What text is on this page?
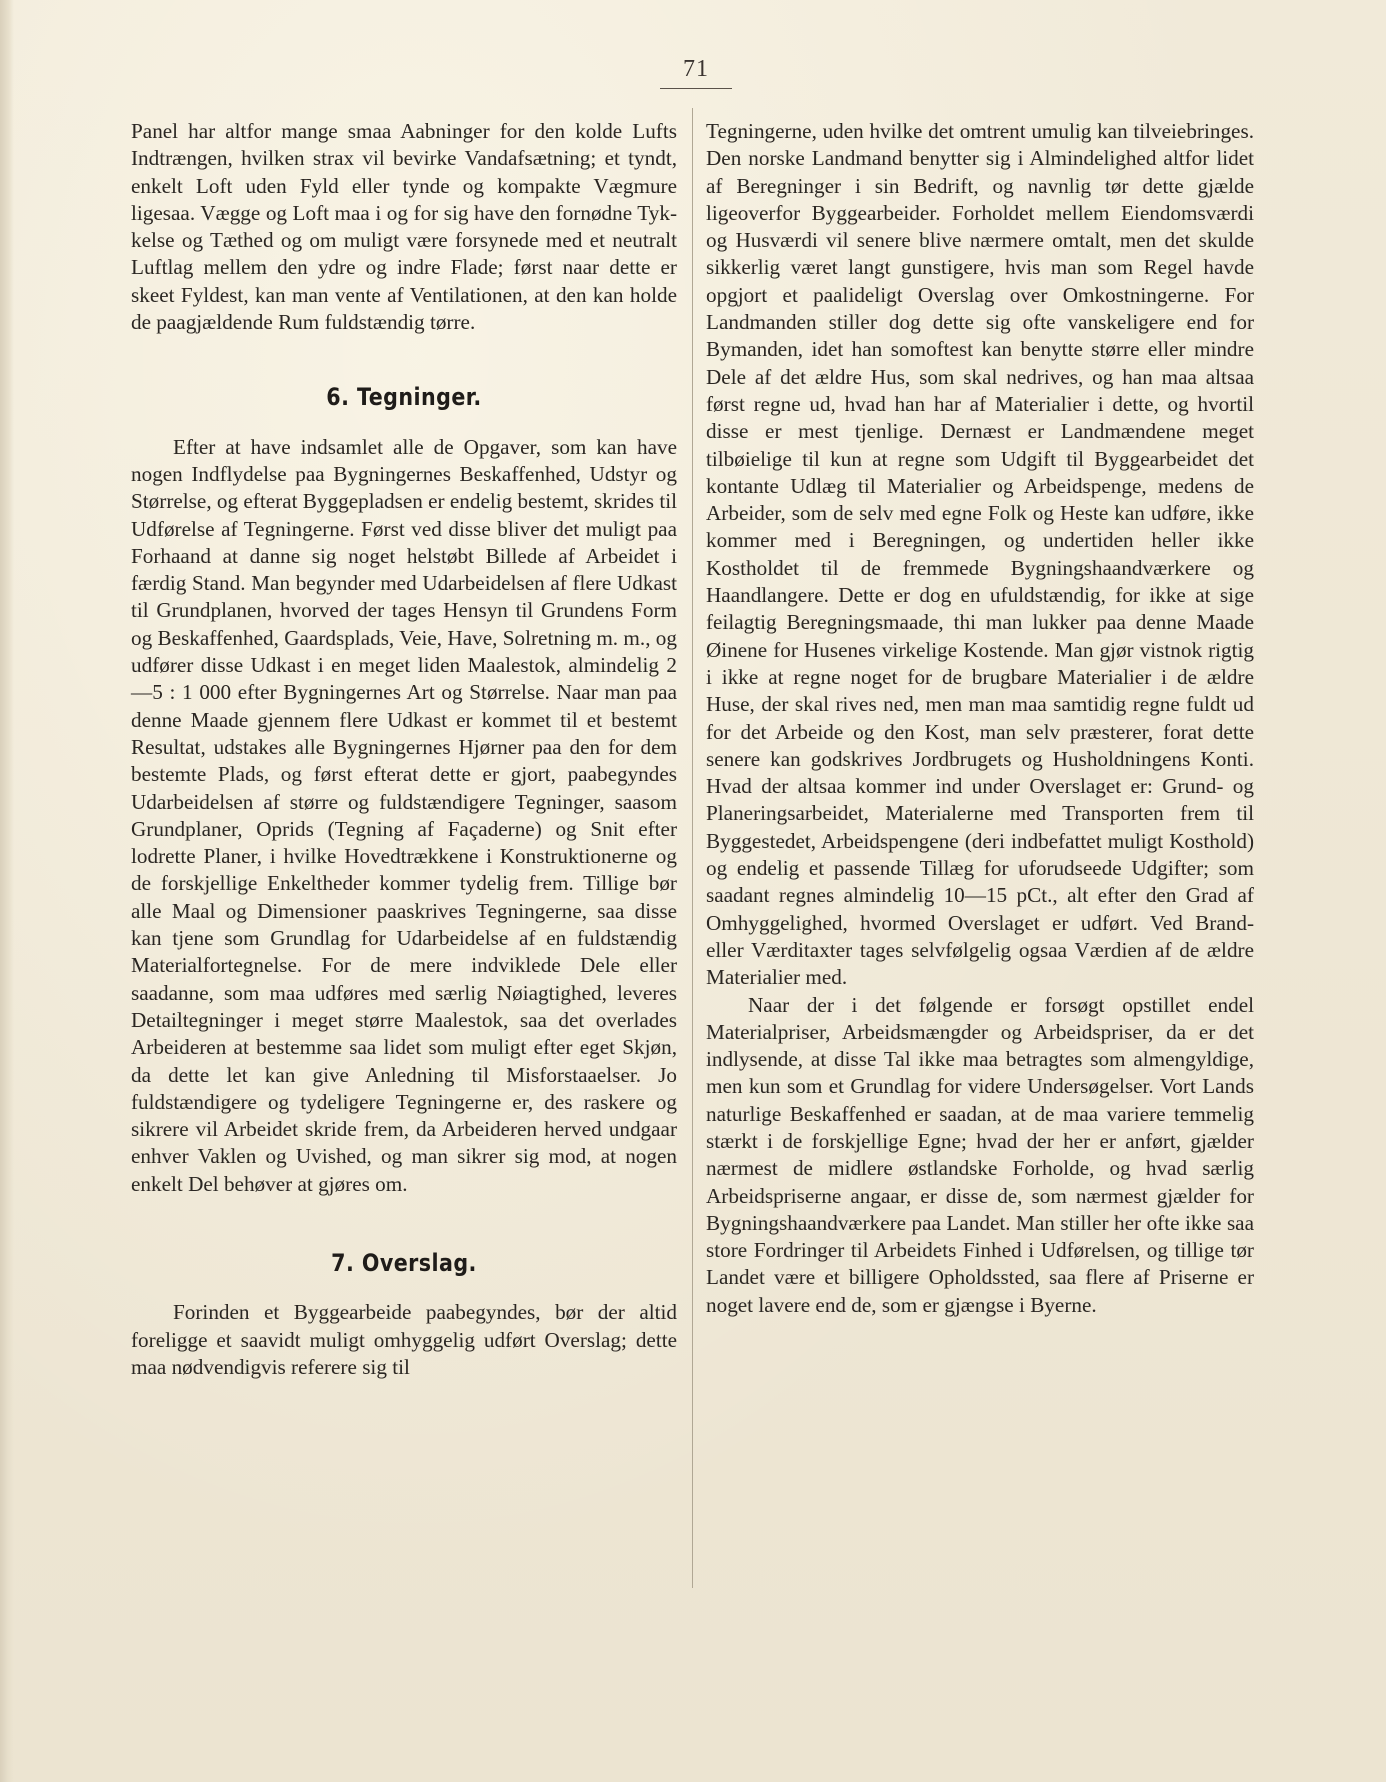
71

Panel har altfor mange smaa Aabninger for den kolde Lufts Indtrængen, hvilken strax vil bevirke Vandafsætning; et tyndt, enkelt Loft uden Fyld eller tynde og kompakte Vægmure ligesaa. Vægge og Loft maa i og for sig have den fornødne Tykkelse og Tæthed og om muligt være forsynede med et neutralt Luftlag mellem den ydre og indre Flade; først naar dette er skeet Fyldest, kan man vente af Ventilationen, at den kan holde de paagjældende Rum fuldstændig tørre.

6. Tegninger.

Efter at have indsamlet alle de Opgaver, som kan have nogen Indflydelse paa Bygningernes Beskaffenhed, Udstyr og Størrelse, og efterat Byggepladsen er endelig bestemt, skrides til Udførelse af Tegningerne. Først ved disse bliver det muligt paa Forhaand at danne sig noget helstøbt Billede af Arbeidet i færdig Stand. Man begynder med Udarbeidelsen af flere Udkast til Grundplanen, hvorved der tages Hensyn til Grundens Form og Beskaffenhed, Gaardsplads, Veie, Have, Solretning m. m., og udfører disse Udkast i en meget liden Maalestok, almindelig 2—5 : 1 000 efter Bygningernes Art og Størrelse. Naar man paa denne Maade gjennem flere Udkast er kommet til et bestemt Resultat, udstakes alle Bygningernes Hjørner paa den for dem bestemte Plads, og først efterat dette er gjort, paabegyndes Udarbeidelsen af større og fuldstændigere Tegninger, saasom Grundplaner, Oprids (Tegning af Façaderne) og Snit efter lodrette Planer, i hvilke Hovedtrækkene i Konstruktionerne og de forskjellige Enkeltheder kommer tydelig frem. Tillige bør alle Maal og Dimensioner paaskrives Tegningerne, saa disse kan tjene som Grundlag for Udarbeidelse af en fuldstændig Materialfortegnelse. For de mere indviklede Dele eller saadanne, som maa udføres med særlig Nøiagtighed, leveres Detailtegninger i meget større Maalestok, saa det overlades Arbeideren at bestemme saa lidet som muligt efter eget Skjøn, da dette let kan give Anledning til Misforstaaelser. Jo fuldstændigere og tydeligere Tegningerne er, des raskere og sikrere vil Arbeidet skride frem, da Arbeideren herved undgaar enhver Vaklen og Uvished, og man sikrer sig mod, at nogen enkelt Del behøver at gjøres om.

7. Overslag.

Forinden et Byggearbeide paabegyndes, bør der altid foreligge et saavidt muligt omhyggelig udført Overslag; dette maa nødvendigvis referere sig til

Tegningerne, uden hvilke det omtrent umulig kan tilveiebringes. Den norske Landmand benytter sig i Almindelighed altfor lidet af Beregninger i sin Bedrift, og navnlig tør dette gjælde ligeoverfor Byggearbeider. Forholdet mellem Eiendomsværdi og Husværdi vil senere blive nærmere omtalt, men det skulde sikkerlig været langt gunstigere, hvis man som Regel havde opgjort et paalideligt Overslag over Omkostningerne. For Landmanden stiller dog dette sig ofte vanskeligere end for Bymanden, idet han somoftest kan benytte større eller mindre Dele af det ældre Hus, som skal nedrives, og han maa altsaa først regne ud, hvad han har af Materialier i dette, og hvortil disse er mest tjenlige. Dernæst er Landmændene meget tilbøielige til kun at regne som Udgift til Byggearbeidet det kontante Udlæg til Materialier og Arbeidspenge, medens de Arbeider, som de selv med egne Folk og Heste kan udføre, ikke kommer med i Beregningen, og undertiden heller ikke Kostholdet til de fremmede Bygningshaandværkere og Haandlangere. Dette er dog en ufuldstændig, for ikke at sige feilagtig Beregningsmaade, thi man lukker paa denne Maade Øinene for Husenes virkelige Kostende. Man gjør vistnok rigtig i ikke at regne noget for de brugbare Materialier i de ældre Huse, der skal rives ned, men man maa samtidig regne fuldt ud for det Arbeide og den Kost, man selv præsterer, forat dette senere kan godskrives Jordbrugets og Husholdningens Konti. Hvad der altsaa kommer ind under Overslaget er: Grund- og Planeringsarbeidet, Materialerne med Transporten frem til Byggestedet, Arbeidspengene (deri indbefattet muligt Kosthold) og endelig et passende Tillæg for uforudseede Udgifter; som saadant regnes almindelig 10—15 pCt., alt efter den Grad af Omhyggelighed, hvormed Overslaget er udført. Ved Brand- eller Værditaxter tages selvfølgelig ogsaa Værdien af de ældre Materialier med.

Naar der i det følgende er forsøgt opstillet endel Materialpriser, Arbeidsmængder og Arbeidspriser, da er det indlysende, at disse Tal ikke maa betragtes som almengyldige, men kun som et Grundlag for videre Undersøgelser. Vort Lands naturlige Beskaffenhed er saadan, at de maa variere temmelig stærkt i de forskjellige Egne; hvad der her er anført, gjælder nærmest de midlere østlandske Forholde, og hvad særlig Arbeidspriserne angaar, er disse de, som nærmest gjælder for Bygningshaandværkere paa Landet. Man stiller her ofte ikke saa store Fordringer til Arbeidets Finhed i Udførelsen, og tillige tør Landet være et billigere Opholdssted, saa flere af Priserne er noget lavere end de, som er gjængse i Byerne.
